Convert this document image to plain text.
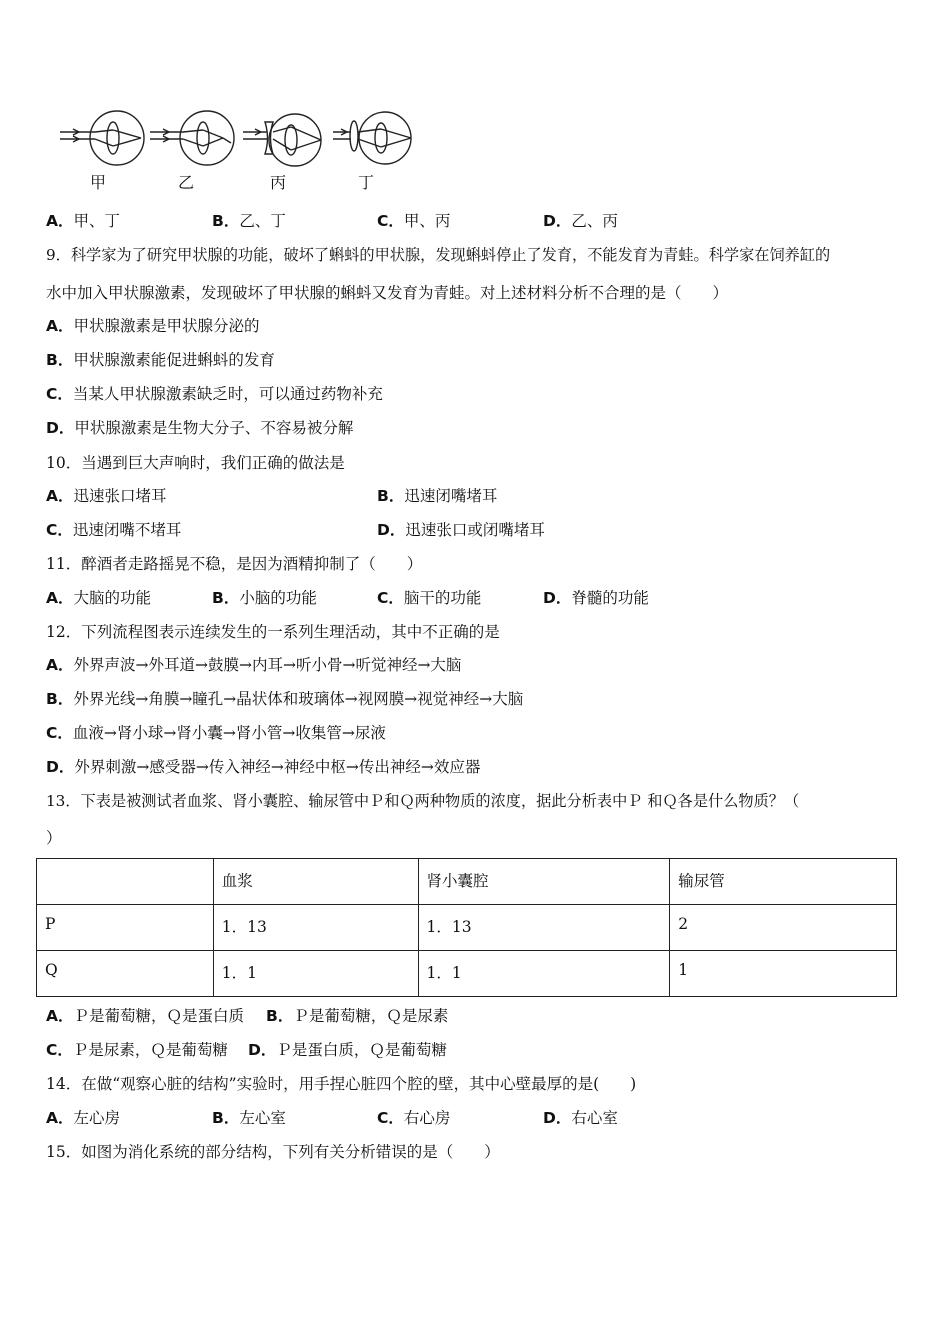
甲	乙	丙	丁
A．甲、丁	B．乙、丁	C．甲、丙	D．乙、丙
9．科学家为了研究甲状腺的功能，破坏了蝌蚪的甲状腺，发现蝌蚪停止了发育，不能发育为青蛙。科学家在饲养缸的
水中加入甲状腺激素，发现破坏了甲状腺的蝌蚪又发育为青蛙。对上述材料分析不合理的是（　　）
A．甲状腺激素是甲状腺分泌的
B．甲状腺激素能促进蝌蚪的发育
C．当某人甲状腺激素缺乏时，可以通过药物补充
D．甲状腺激素是生物大分子、不容易被分解
10．当遇到巨大声响时，我们正确的做法是
A．迅速张口堵耳	B．迅速闭嘴堵耳
C．迅速闭嘴不堵耳	D．迅速张口或闭嘴堵耳
11．醉酒者走路摇晃不稳，是因为酒精抑制了（　　）
A．大脑的功能	B．小脑的功能	C．脑干的功能	D．脊髓的功能
12．下列流程图表示连续发生的一系列生理活动，其中不正确的是
A．外界声波→外耳道→鼓膜→内耳→听小骨→听觉神经→大脑
B．外界光线→角膜→瞳孔→晶状体和玻璃体→视网膜→视觉神经→大脑
C．血液→肾小球→肾小囊→肾小管→收集管→尿液
D．外界刺激→感受器→传入神经→神经中枢→传出神经→效应器
13．下表是被测试者血浆、肾小囊腔、输尿管中Ｐ和Ｑ两种物质的浓度，据此分析表中Ｐ 和Ｑ各是什么物质？（
）
	血浆	肾小囊腔	输尿管
P	1．13	1．13	2
Q	1．1	1．1	1
A．Ｐ是葡萄糖，Ｑ是蛋白质 B．Ｐ是葡萄糖，Ｑ是尿素
C．Ｐ是尿素，Ｑ是葡萄糖 D．Ｐ是蛋白质，Ｑ是葡萄糖
14．在做“观察心脏的结构”实验时，用手捏心脏四个腔的壁，其中心壁最厚的是(　　)
A．左心房	B．左心室	C．右心房	D．右心室
15．如图为消化系统的部分结构，下列有关分析错误的是（　　）
